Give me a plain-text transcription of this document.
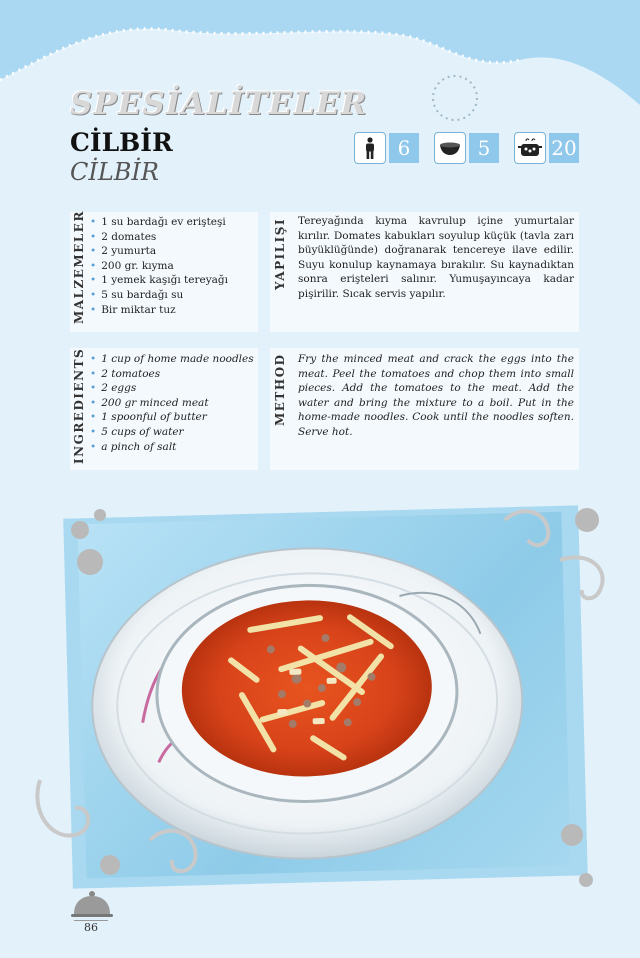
SPESİALİTELER
CİLBİR
CİLBİR
6	5	20
MALZEMELER	• 1 su bardağı ev erişteşi
• 2 domates
• 2 yumurta
• 200 gr. kıyma
• 1 yemek kaşığı tereyağı
• 5 su bardağı su
• Bir miktar tuz
YAPILIŞI Tereyağında kıyma kavrulup içine yumurtalar kırılır. Domates kabukları soyulup küçük (tavla zarı büyüklüğünde) doğranarak tencereye ilave edilir. Suyu konulup kaynamaya bırakılır. Su kaynadıktan sonra erişteleri salınır. Yumuşayıncaya kadar pişirilir. Sıcak servis yapılır.
INGREDIENTS	• 1 cup of home made noodles
• 2 tomatoes
• 2 eggs
• 200 gr minced meat
• 1 spoonful of butter
• 5 cups of water
• a pinch of salt
METHOD Fry the minced meat and crack the eggs into the meat. Peel the tomatoes and chop them into small pieces. Add the tomatoes to the meat. Add the water and bring the mixture to a boil. Put in the home-made noodles. Cook until the noodles soften. Serve hot.
86
